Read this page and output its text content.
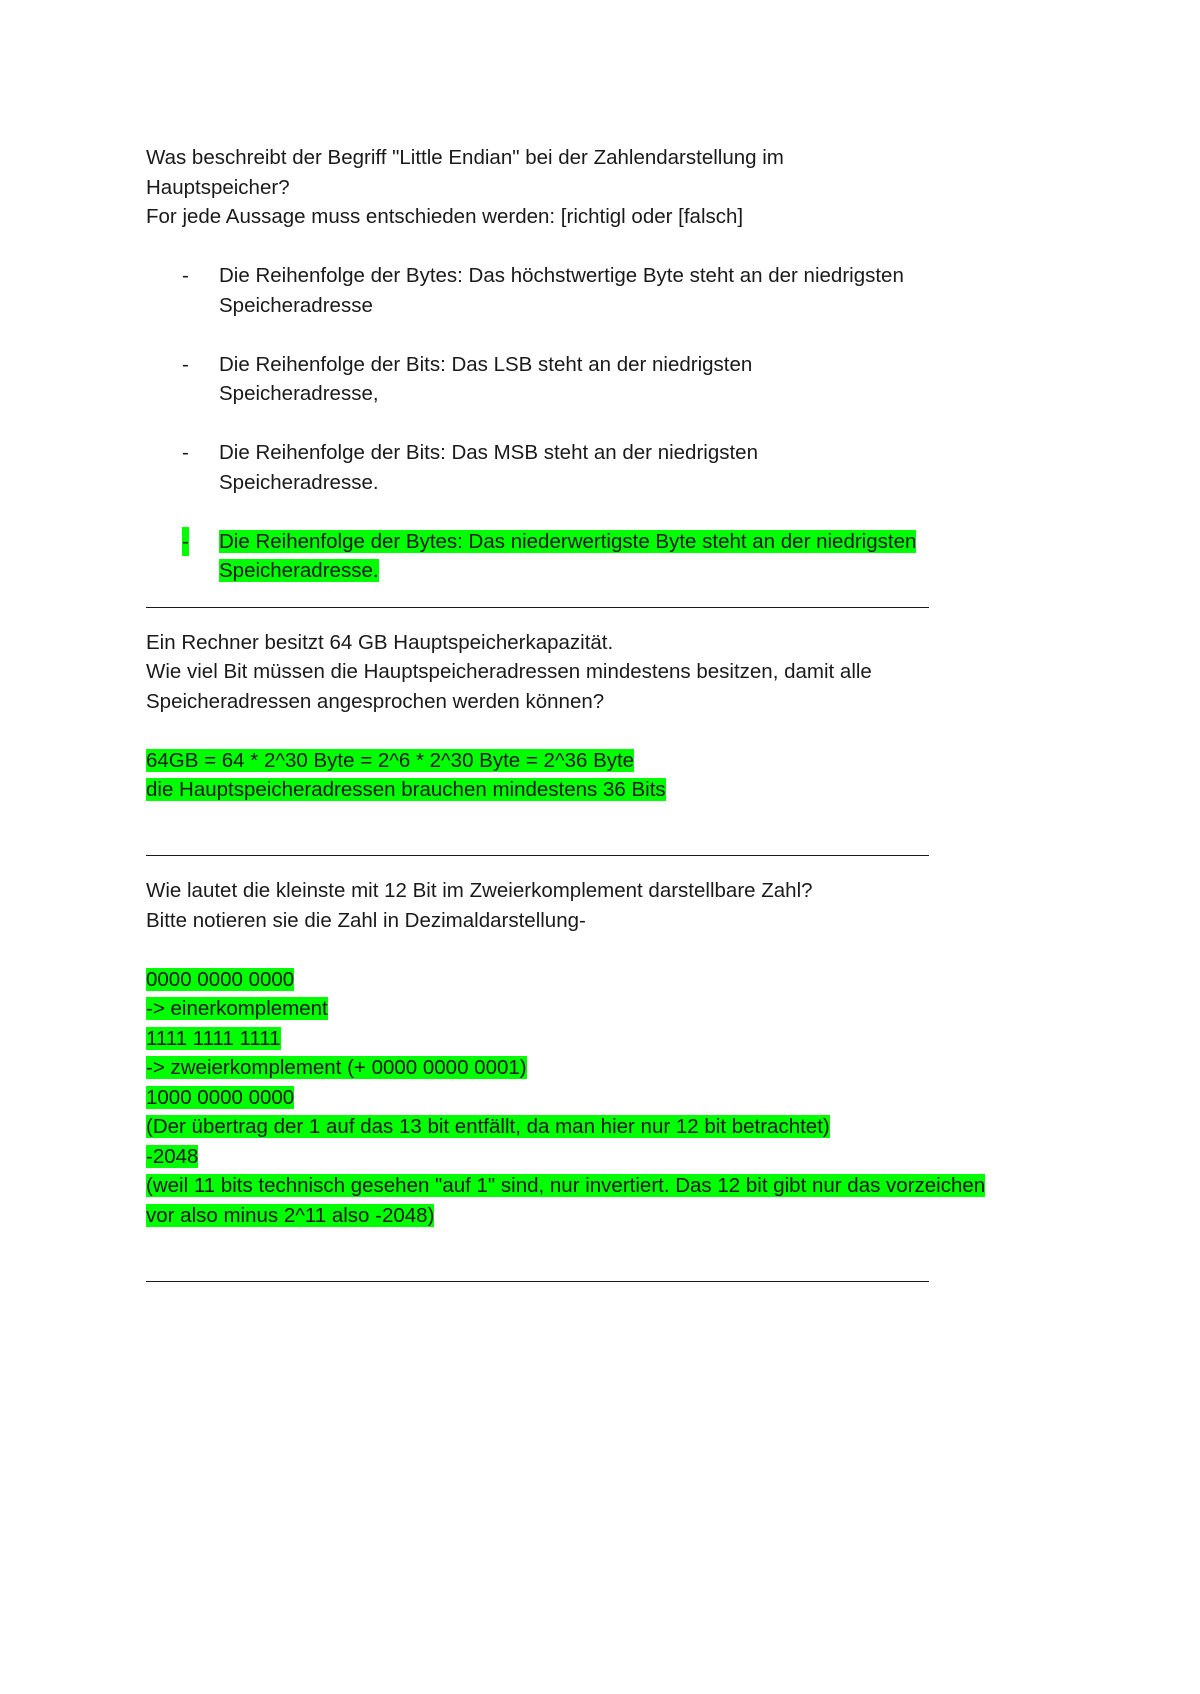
Was beschreibt der Begriff "Little Endian" bei der Zahlendarstellung im
Hauptspeicher?
For jede Aussage muss entschieden werden: [richtigl oder [falsch]
- Die Reihenfolge der Bytes: Das höchstwertige Byte steht an der niedrigsten
Speicheradresse
- Die Reihenfolge der Bits: Das LSB steht an der niedrigsten
Speicheradresse,
- Die Reihenfolge der Bits: Das MSB steht an der niedrigsten
Speicheradresse.
- Die Reihenfolge der Bytes: Das niederwertigste Byte steht an der niedrigsten
Speicheradresse.
Ein Rechner besitzt 64 GB Hauptspeicherkapazität.
Wie viel Bit müssen die Hauptspeicheradressen mindestens besitzen, damit alle
Speicheradressen angesprochen werden können?
64GB = 64 * 2^30 Byte = 2^6 * 2^30 Byte = 2^36 Byte
die Hauptspeicheradressen brauchen mindestens 36 Bits
Wie lautet die kleinste mit 12 Bit im Zweierkomplement darstellbare Zahl?
Bitte notieren sie die Zahl in Dezimaldarstellung-
0000 0000 0000
-> einerkomplement
1111 1111 1111
-> zweierkomplement (+ 0000 0000 0001)
1000 0000 0000
(Der übertrag der 1 auf das 13 bit entfällt, da man hier nur 12 bit betrachtet)
-2048
(weil 11 bits technisch gesehen "auf 1" sind, nur invertiert. Das 12 bit gibt nur das vorzeichen
vor also minus 2^11 also -2048)
